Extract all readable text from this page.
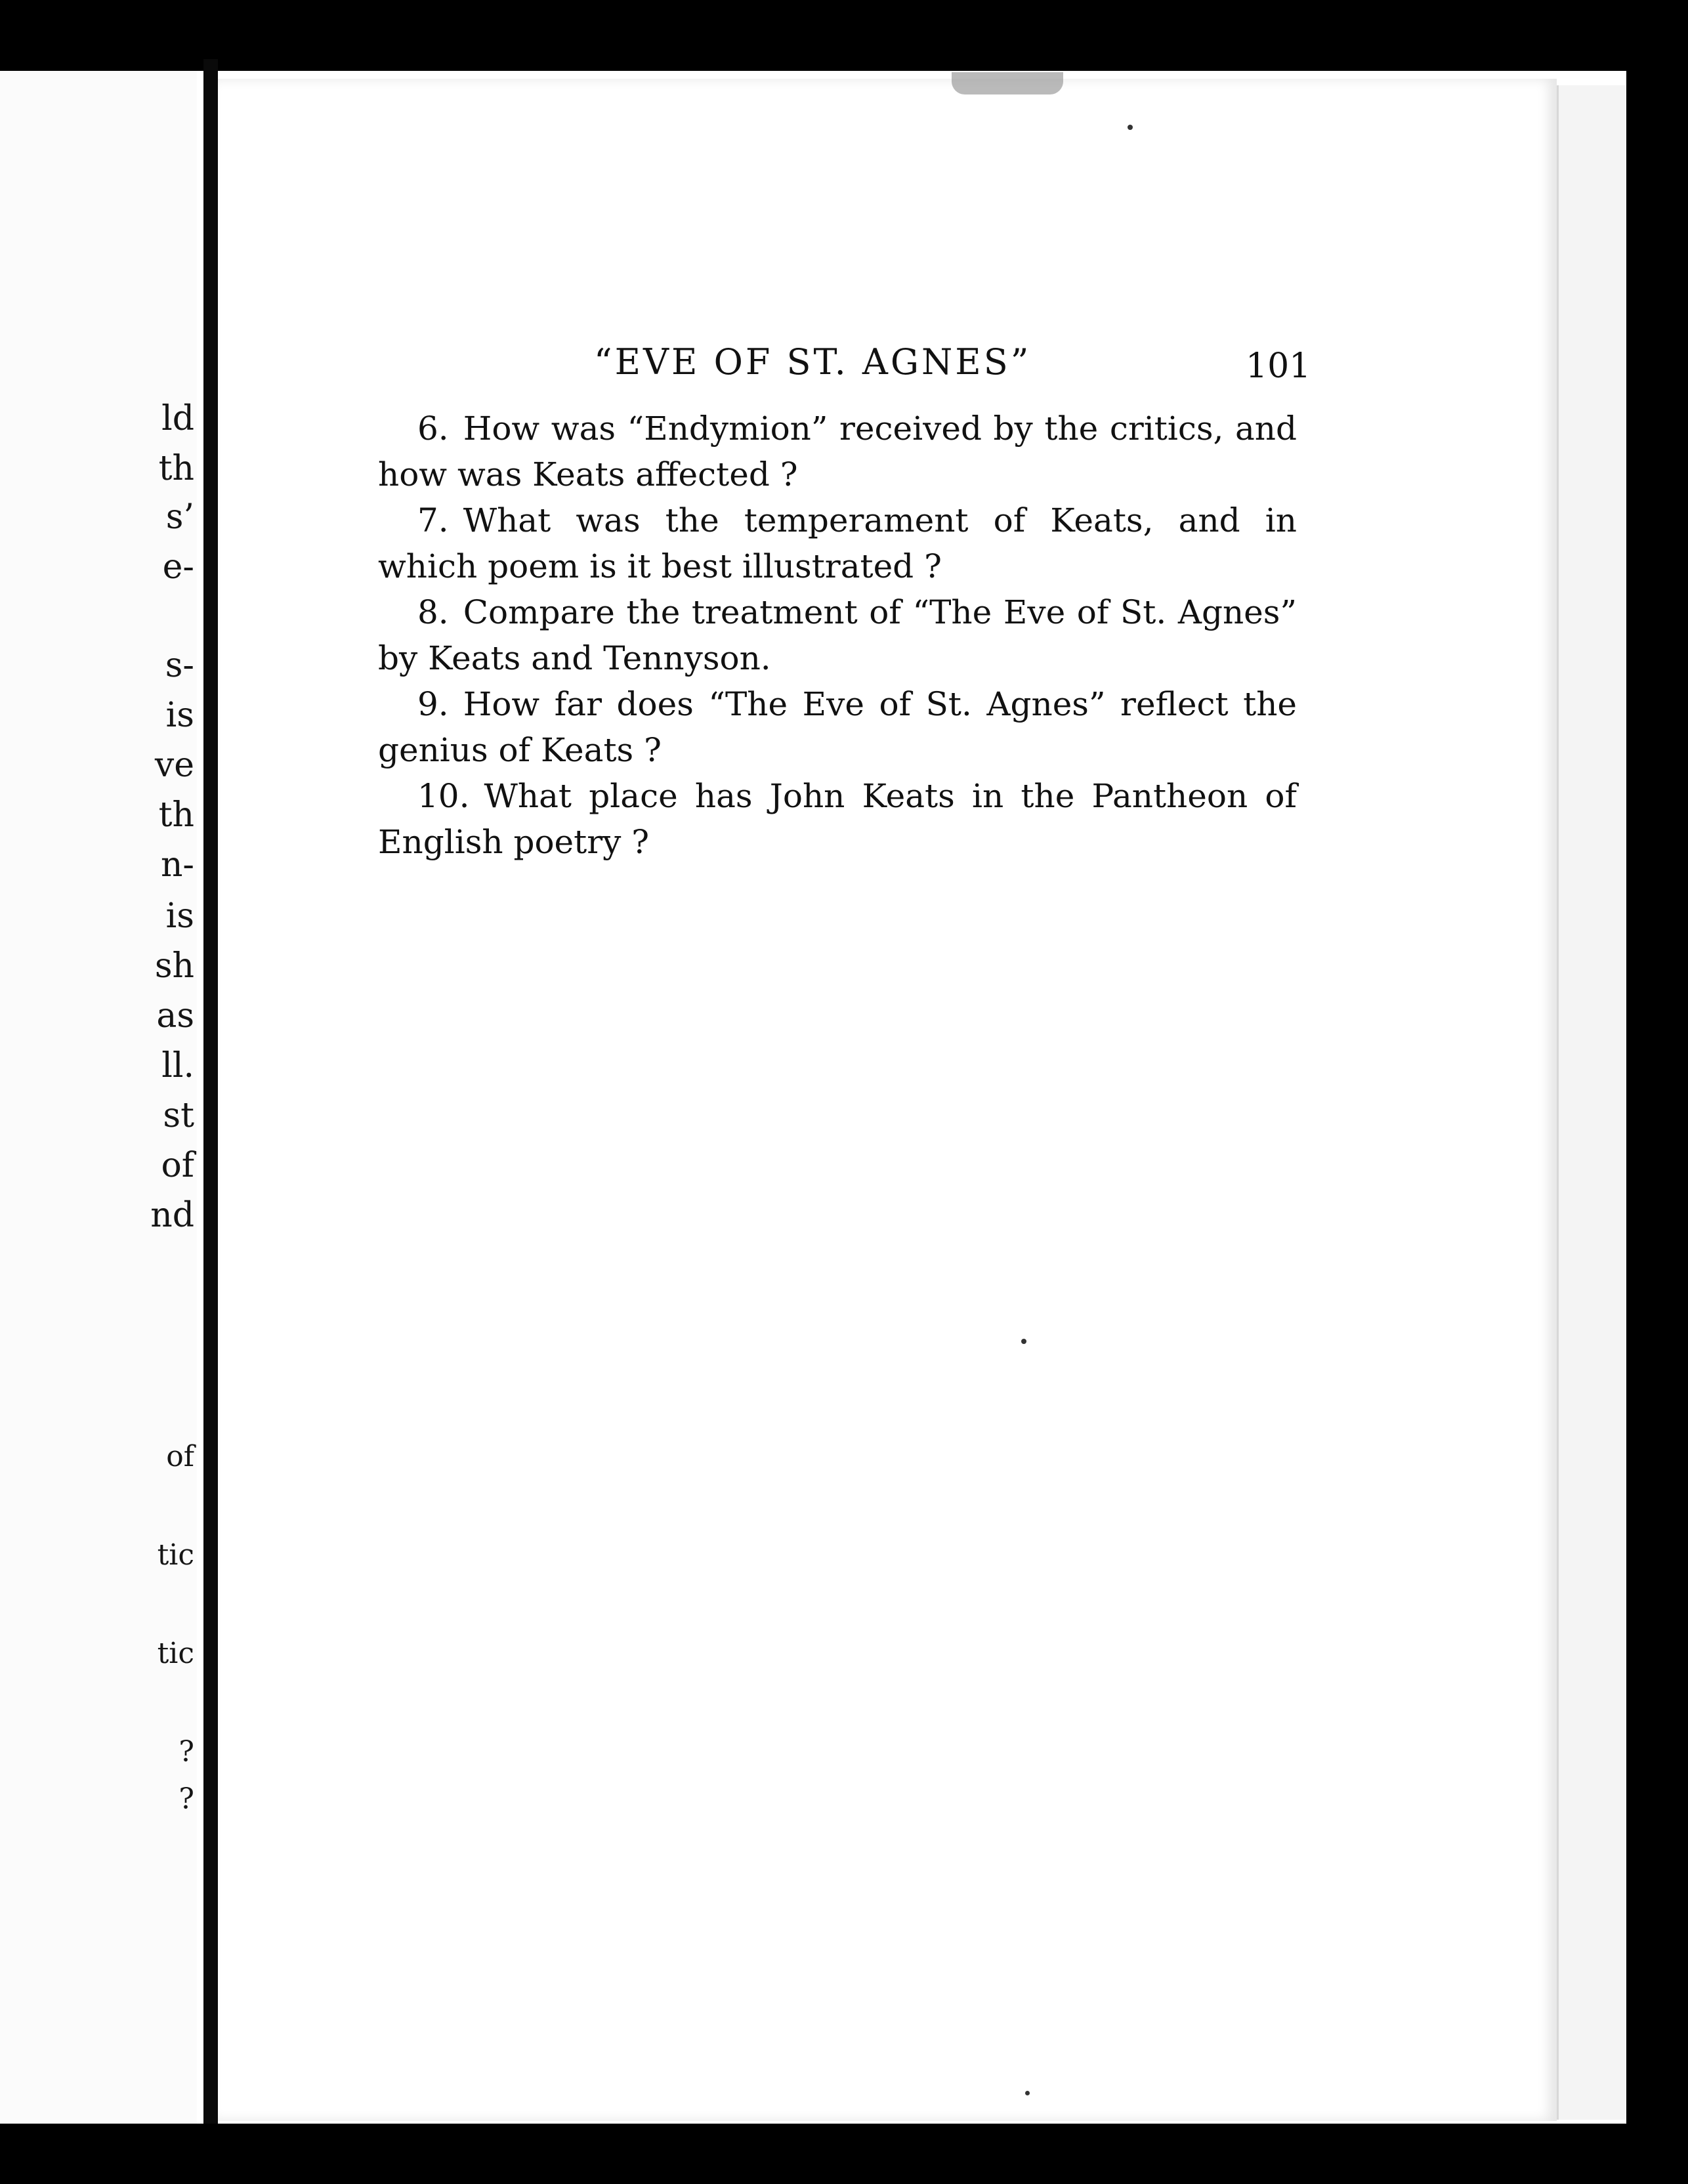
ld
th
s’
e-
s-
is
ve
th
n-
is
sh
as
ll.
st
of
nd
of
tic
tic
?
?
“EVE OF ST. AGNES”	101

6. How was “Endymion” received by the critics, and how was Keats affected ?

7. What was the temperament of Keats, and in which poem is it best illustrated ?

8. Compare the treatment of “The Eve of St. Agnes” by Keats and Tennyson.

9. How far does “The Eve of St. Agnes” reflect the genius of Keats ?

10. What place has John Keats in the Pantheon of English poetry ?
